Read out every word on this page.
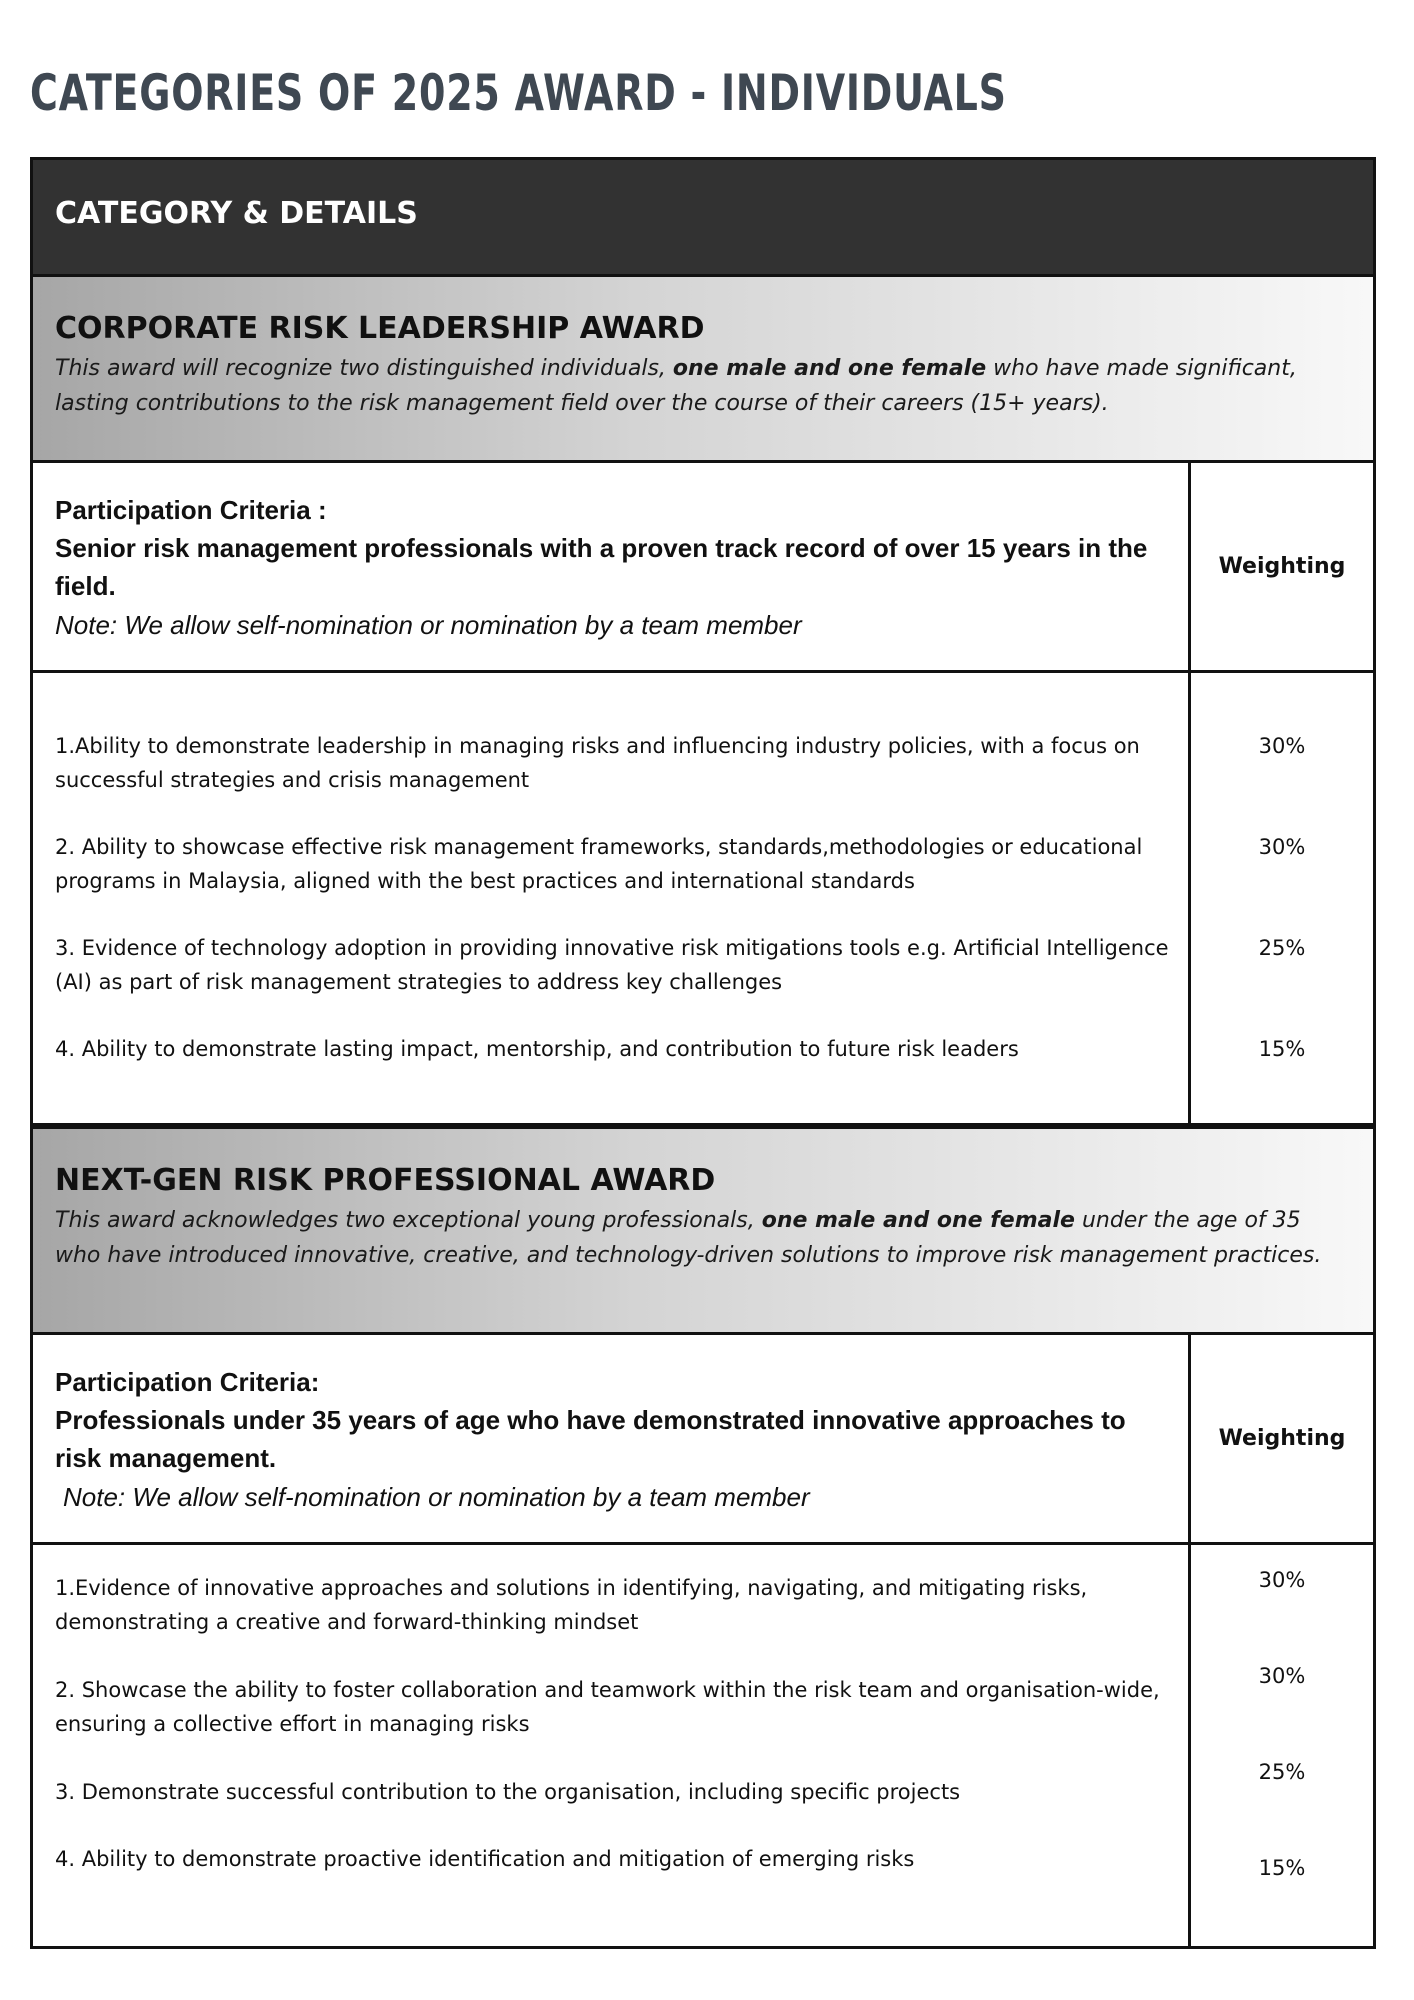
CATEGORIES OF 2025 AWARD - INDIVIDUALS
CATEGORY & DETAILS
CORPORATE RISK LEADERSHIP AWARD

This award will recognize two distinguished individuals, one male and one female who have made significant, lasting contributions to the risk management field over the course of their careers (15+ years).

Participation Criteria :
Senior risk management professionals with a proven track record of over 15 years in the field.
Note: We allow self-nomination or nomination by a team member
Weighting
1.Ability to demonstrate leadership in managing risks and influencing industry policies, with a focus on successful strategies and crisis management
30%
2. Ability to showcase effective risk management frameworks, standards,methodologies or educational programs in Malaysia, aligned with the best practices and international standards
30%
3. Evidence of technology adoption in providing innovative risk mitigations tools e.g. Artificial Intelligence (AI) as part of risk management strategies to address key challenges
25%
4. Ability to demonstrate lasting impact, mentorship, and contribution to future risk leaders	15%
NEXT-GEN RISK PROFESSIONAL AWARD

This award acknowledges two exceptional young professionals, one male and one female under the age of 35 who have introduced innovative, creative, and technology-driven solutions to improve risk management practices.

Participation Criteria:
Professionals under 35 years of age who have demonstrated innovative approaches to risk management.
Note: We allow self-nomination or nomination by a team member
Weighting
1.Evidence of innovative approaches and solutions in identifying, navigating, and mitigating risks, demonstrating a creative and forward-thinking mindset
30%
2. Showcase the ability to foster collaboration and teamwork within the risk team and organisation-wide, ensuring a collective effort in managing risks
30%
3. Demonstrate successful contribution to the organisation, including specific projects
25%
4. Ability to demonstrate proactive identification and mitigation of emerging risks	15%
